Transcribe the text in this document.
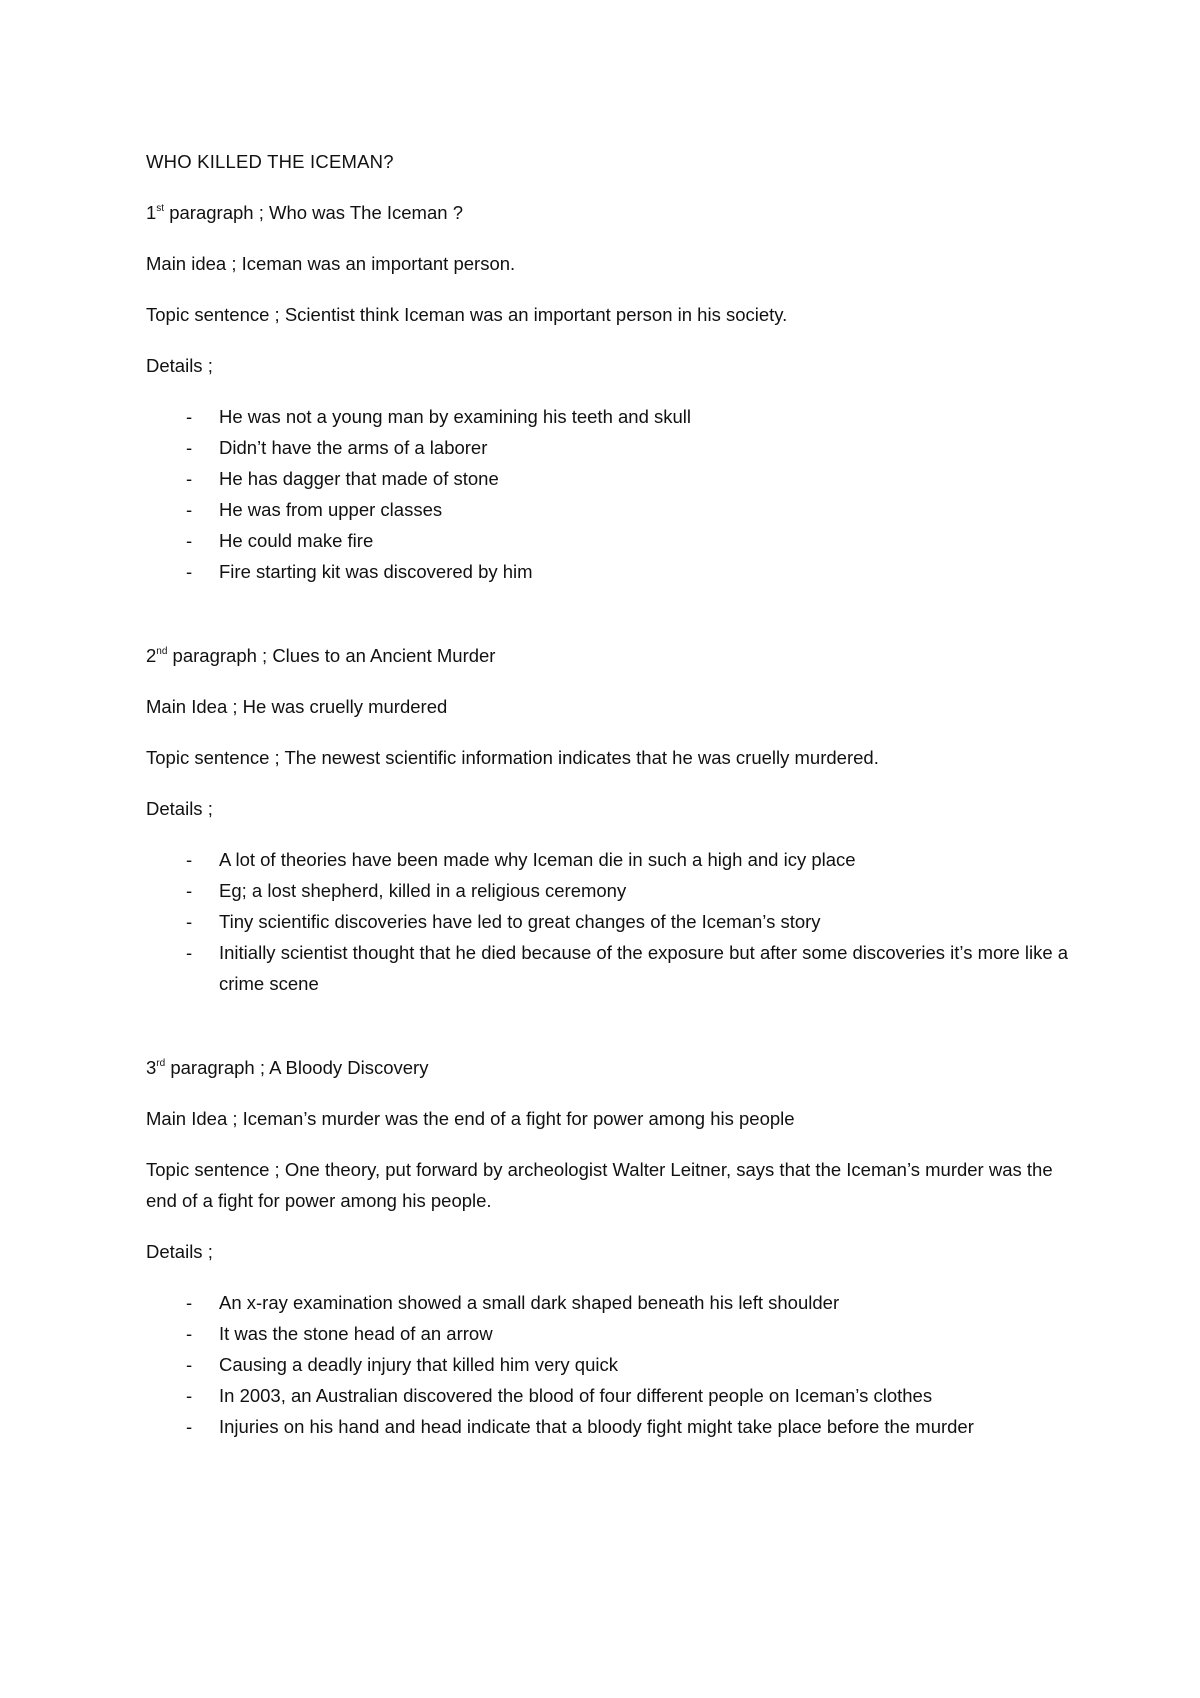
WHO KILLED THE ICEMAN?

1st paragraph ; Who was The Iceman ?

Main idea ; Iceman was an important person.

Topic sentence ; Scientist think Iceman was an important person in his society.

Details ;

- He was not a young man by examining his teeth and skull
- Didn’t have the arms of a laborer
- He has dagger that made of stone
- He was from upper classes
- He could make fire
- Fire starting kit was discovered by him

2nd paragraph ; Clues to an Ancient Murder

Main Idea ; He was cruelly murdered

Topic sentence ; The newest scientific information indicates that he was cruelly murdered.

Details ;

- A lot of theories have been made why Iceman die in such a high and icy place
- Eg; a lost shepherd, killed in a religious ceremony
- Tiny scientific discoveries have led to great changes of the Iceman’s story
- Initially scientist thought that he died because of the exposure but after some discoveries it’s more like a crime scene

3rd paragraph ; A Bloody Discovery

Main Idea ; Iceman’s murder was the end of a fight for power among his people

Topic sentence ; One theory, put forward by archeologist Walter Leitner, says that the Iceman’s murder was the end of a fight for power among his people.

Details ;

- An x-ray examination showed a small dark shaped beneath his left shoulder
- It was the stone head of an arrow
- Causing a deadly injury that killed him very quick
- In 2003, an Australian discovered the blood of four different people on Iceman’s clothes
- Injuries on his hand and head indicate that a bloody fight might take place before the murder
